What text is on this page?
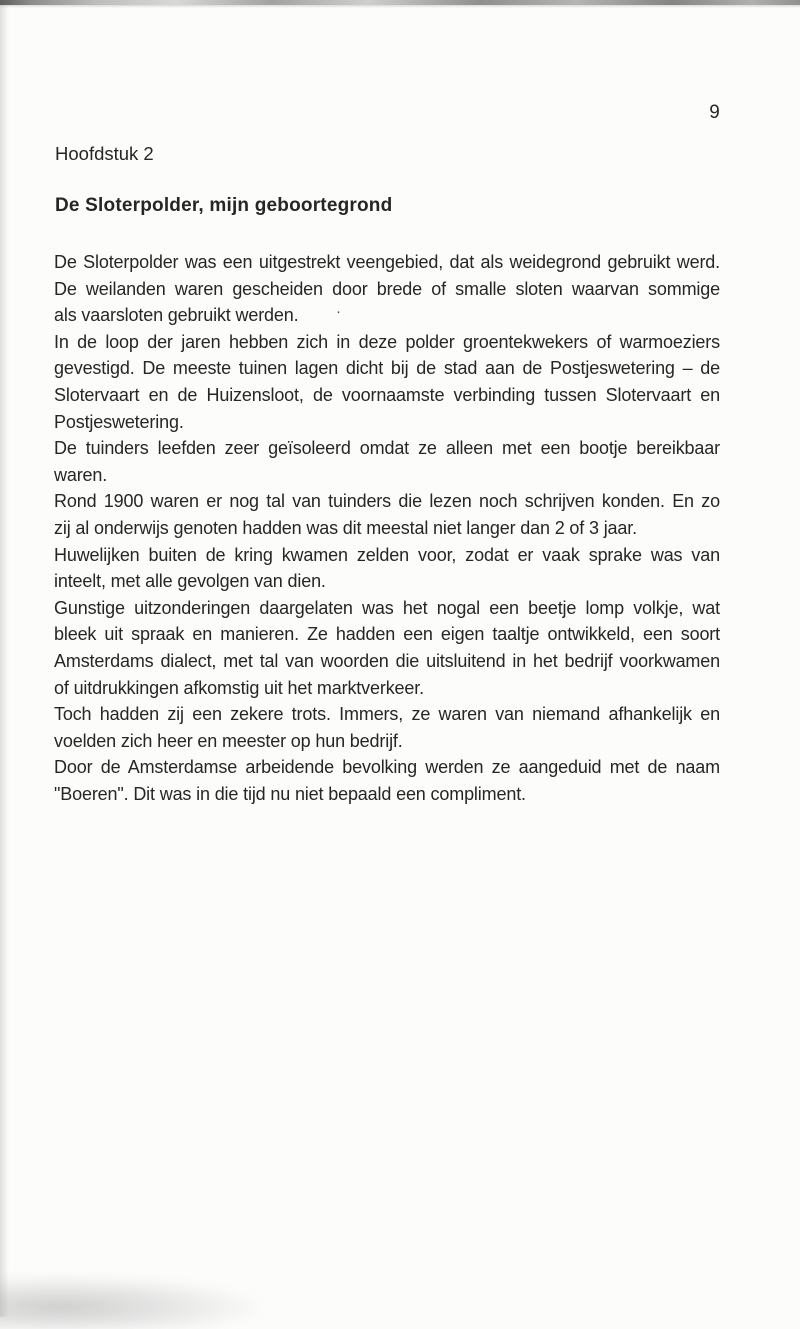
9
Hoofdstuk 2
De Sloterpolder, mijn geboortegrond
De Sloterpolder was een uitgestrekt veengebied, dat als weidegrond gebruikt werd.
De weilanden waren gescheiden door brede of smalle sloten waarvan sommige
als vaarsloten gebruikt werden.
In de loop der jaren hebben zich in deze polder groentekwekers of warmoeziers
gevestigd. De meeste tuinen lagen dicht bij de stad aan de Postjeswetering – de
Slotervaart en de Huizensloot, de voornaamste verbinding tussen Slotervaart en
Postjeswetering.
De tuinders leefden zeer geïsoleerd omdat ze alleen met een bootje bereikbaar
waren.
Rond 1900 waren er nog tal van tuinders die lezen noch schrijven konden. En zo
zij al onderwijs genoten hadden was dit meestal niet langer dan 2 of 3 jaar.
Huwelijken buiten de kring kwamen zelden voor, zodat er vaak sprake was van
inteelt, met alle gevolgen van dien.
Gunstige uitzonderingen daargelaten was het nogal een beetje lomp volkje, wat
bleek uit spraak en manieren. Ze hadden een eigen taaltje ontwikkeld, een soort
Amsterdams dialect, met tal van woorden die uitsluitend in het bedrijf voorkwamen
of uitdrukkingen afkomstig uit het marktverkeer.
Toch hadden zij een zekere trots. Immers, ze waren van niemand afhankelijk en
voelden zich heer en meester op hun bedrijf.
Door de Amsterdamse arbeidende bevolking werden ze aangeduid met de naam
"Boeren". Dit was in die tijd nu niet bepaald een compliment.
·
